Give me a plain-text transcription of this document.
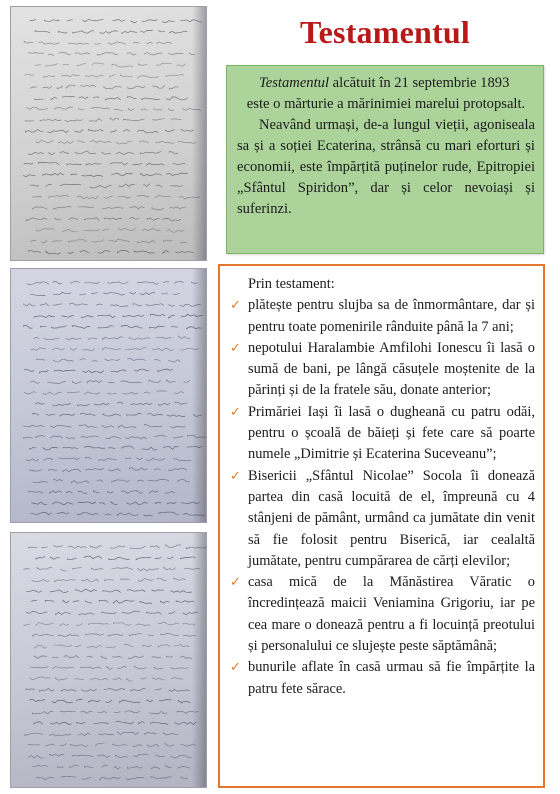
Testamentul

Testamentul alcătuit în 21 septembrie 1893

este o mărturie a mărinimiei marelui protopsalt.

Neavând urmași, de-a lungul vieții, agoniseala sa și a soției Ecaterina, strânsă cu mari eforturi și economii, este împărțită puținelor rude, Epitropiei „Sfântul Spiridon”, dar și celor nevoiași și suferinzi.

Prin testament:
✓ plătește pentru slujba sa de înmormântare, dar și pentru toate pomenirile rânduite până la 7 ani;
✓ nepotului Haralambie Amfilohi Ionescu îi lasă o sumă de bani, pe lângă căsuțele moștenite de la părinți și de la fratele său, donate anterior;
✓ Primăriei Iași îi lasă o dugheană cu patru odăi, pentru o școală de băieți și fete care să poarte numele „Dimitrie și Ecaterina Suceveanu”;
✓ Bisericii „Sfântul Nicolae” Socola îi donează partea din casă locuită de el, împreună cu 4 stânjeni de pământ, urmând ca jumătate din venit să fie folosit pentru Biserică, iar cealaltă jumătate, pentru cumpărarea de cărți elevilor;
✓ casa mică de la Mănăstirea Văratic o încredințează maicii Veniamina Grigoriu, iar pe cea mare o donează pentru a fi locuință preotului și personalului ce slujește peste săptămână;
✓ bunurile aflate în casă urmau să fie împărțite la patru fete sărace.
